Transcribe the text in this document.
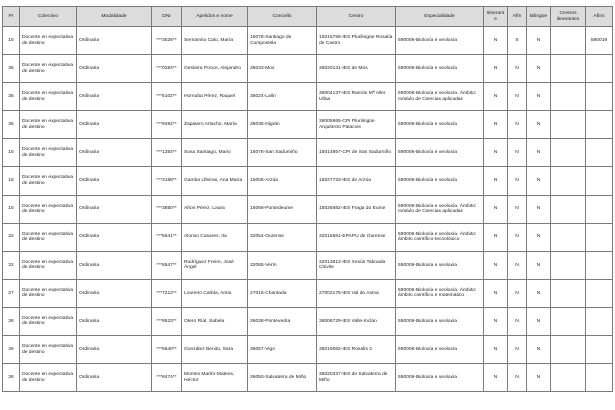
Pr	Colectivo	Modalidade	DNI	Apelidos e nome	Concello	Centro	Especialidade	Itinerante	Afín	Bilingüe	Centros itinerantes	Afíns
15	Docente en expectativa de destino	Ordinaria	***3526**	Sernamito Calo, María	15078-Santiago de Compostela	15015755-IES Plurilingüe Rosalía de Castro	590006-Bioloxía e xeoloxía	N	S	N		590019
36	Docente en expectativa de destino	Ordinaria	***0284**	Gesteira Ponce, Alejandro	36033-Mos	36020131-IES de Mos	590006-Bioloxía e xeoloxía	N	N	N		
36	Docente en expectativa de destino	Ordinaria	***5102**	Hornuba Pérez, Raquel	36024-Lalín	36004137-IES Ramón Mª Aller Ulloa	590006-Bioloxía e xeoloxía. Ámbito: módulo de Ciencias aplicadas	N	N	N		
36	Docente en expectativa de destino	Ordinaria	***9492**	Zapatero Artacho, María	36035-Nigrán	36005865-CPI Plurilingüe Arquitecto Palacios	590006-Bioloxía e xeoloxía	N	N	N		
15	Docente en expectativa de destino	Ordinaria	***1354**	Sosa Santiago, Mario	15076-San Sadurniño	15014957-CPI de San Sadurniño	590006-Bioloxía e xeoloxía	N	N	N		
15	Docente en expectativa de destino	Ordinaria	***3168**	Gamba Llfeiras, Ana María	15006-Arzúa	15027733-IES de Arzúa	590006-Bioloxía e xeoloxía	N	N	N		
15	Docente en expectativa de destino	Ordinaria	***3850**	Añon Pérez, Laura	15069-Pontedeume	15025682-IES Fraga do Eume	590006-Bioloxía e xeoloxía. Ámbito: módulo de Ciencias aplicadas	N	N	N		
32	Docente en expectativa de destino	Ordinaria	***5541**	Alonso Casares, Ita	32054-Ourense	32015561-EPAPU de Ourense	590006-Bioloxía e xeoloxía. Ámbito: ámbito científico-tecnolóxico	N	N	N		
32	Docente en expectativa de destino	Ordinaria	***6547**	Rodríguez Freire, José Ángel	32085-Verín	32013612-IES Xesús Taboada Chivite	590006-Bioloxía e xeoloxía	N	N	N		
27	Docente en expectativa de destino	Ordinaria	***7212**	Loureiro Carbla, Antia	27016-Chantada	27003175-IES Val do Asma	590006-Bioloxía e xeoloxía. Ámbito: ámbito científico e matemático	N	N	N		
36	Docente en expectativa de destino	Ordinaria	***9523**	Otero Ríal, Sabela	36038-Pontevedra	36006729-IES Valle-Inclán	590006-Bioloxía e xeoloxía	N	N	N		
36	Docente en expectativa de destino	Ordinaria	***6640**	González Benito, Sara	36057-Vigo	36019062-IES Rosalís 2	590006-Bioloxía e xeoloxía	N	N	N		
36	Docente en expectativa de destino	Ordinaria	***8474**	Montes Martín-Mateos, Héctor	36050-Salvaterra de Miño	36020337-IES de Salvaterra de Miño	590006-Bioloxía e xeoloxía	N	N	N		
